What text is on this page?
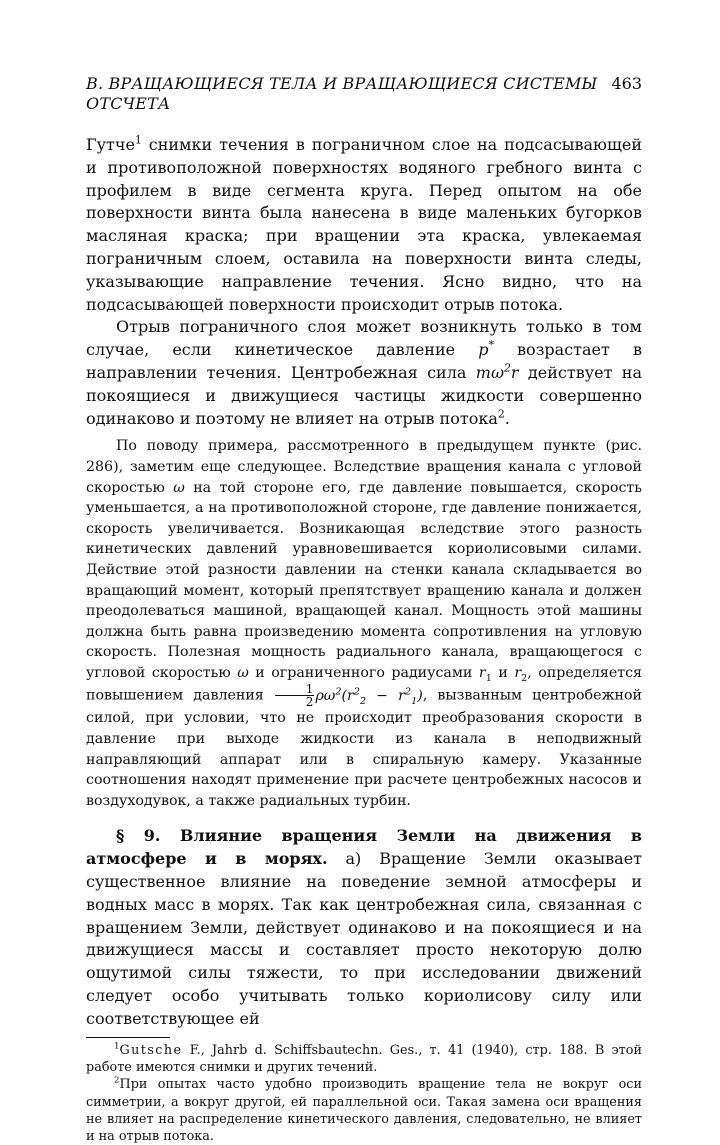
В. ВРАЩАЮЩИЕСЯ ТЕЛА И ВРАЩАЮЩИЕСЯ СИСТЕМЫ ОТСЧЕТА
463

Гутче$^1$ снимки течения в пограничном слое на подсасывающей и противоположной поверхностях водяного гребного винта с профилем в виде сегмента круга. Перед опытом на обе поверхности винта была нанесена в виде маленьких бугорков масляная краска; при вращении эта краска, увлекаемая пограничным слоем, оставила на поверхности винта следы, указывающие направление течения. Ясно видно, что на подсасывающей поверхности происходит отрыв потока.

Отрыв пограничного слоя может возникнуть только в том случае, если кинетическое давление p* возрастает в направлении течения. Центробежная сила $m\omega^2r$ действует на покоящиеся и движущиеся частицы жидкости совершенно одинаково и поэтому не влияет на отрыв потока$^2$.

По поводу примера, рассмотренного в предыдущем пункте (рис. 286), заметим еще следующее. Вследствие вращения канала с угловой скоростью ω на той стороне его, где давление повышается, скорость уменьшается, а на противоположной стороне, где давление понижается, скорость увеличивается. Возникающая вследствие этого разность кинетических давлений уравновешивается кориолисовыми силами. Действие этой разности давлении на стенки канала складывается во вращающий момент, который препятствует вращению канала и должен преодолеваться машиной, вращающей канал. Мощность этой машины должна быть равна произведению момента сопротивления на угловую скорость. Полезная мощность радиального канала, вращающегося с угловой скоростью ω и ограниченного радиусами $r_1$ и $r_2$, определяется повышением давления $\frac{1}{2} \rho\omega^2(r^2_2 - r^2_1)$, вызванным центробежной силой, при условии, что не происходит преобразования скорости в давление при выходе жидкости из канала в неподвижный направляющий аппарат или в спиральную камеру. Указанные соотношения находят применение при расчете центробежных насосов и воздуходувок, а также радиальных турбин.

§ 9. Влияние вращения Земли на движения в атмосфере и в морях. а) Вращение Земли оказывает существенное влияние на поведение земной атмосферы и водных масс в морях. Так как центробежная сила, связанная с вращением Земли, действует одинаково и на покоящиеся и на движущиеся массы и составляет просто некоторую долю ощутимой силы тяжести, то при исследовании движений следует особо учитывать только кориолисову силу или соответствующее ей

$^1$Gutsche F., Jahrb d. Schiffsbautechn. Ges., т. 41 (1940), стр. 188. В этой работе имеются снимки и других течений.

$^2$При опытах часто удобно производить вращение тела не вокруг оси симметрии, а вокруг другой, ей параллельной оси. Такая замена оси вращения не влияет на распределение кинетического давления, следовательно, не влияет и на отрыв потока.
